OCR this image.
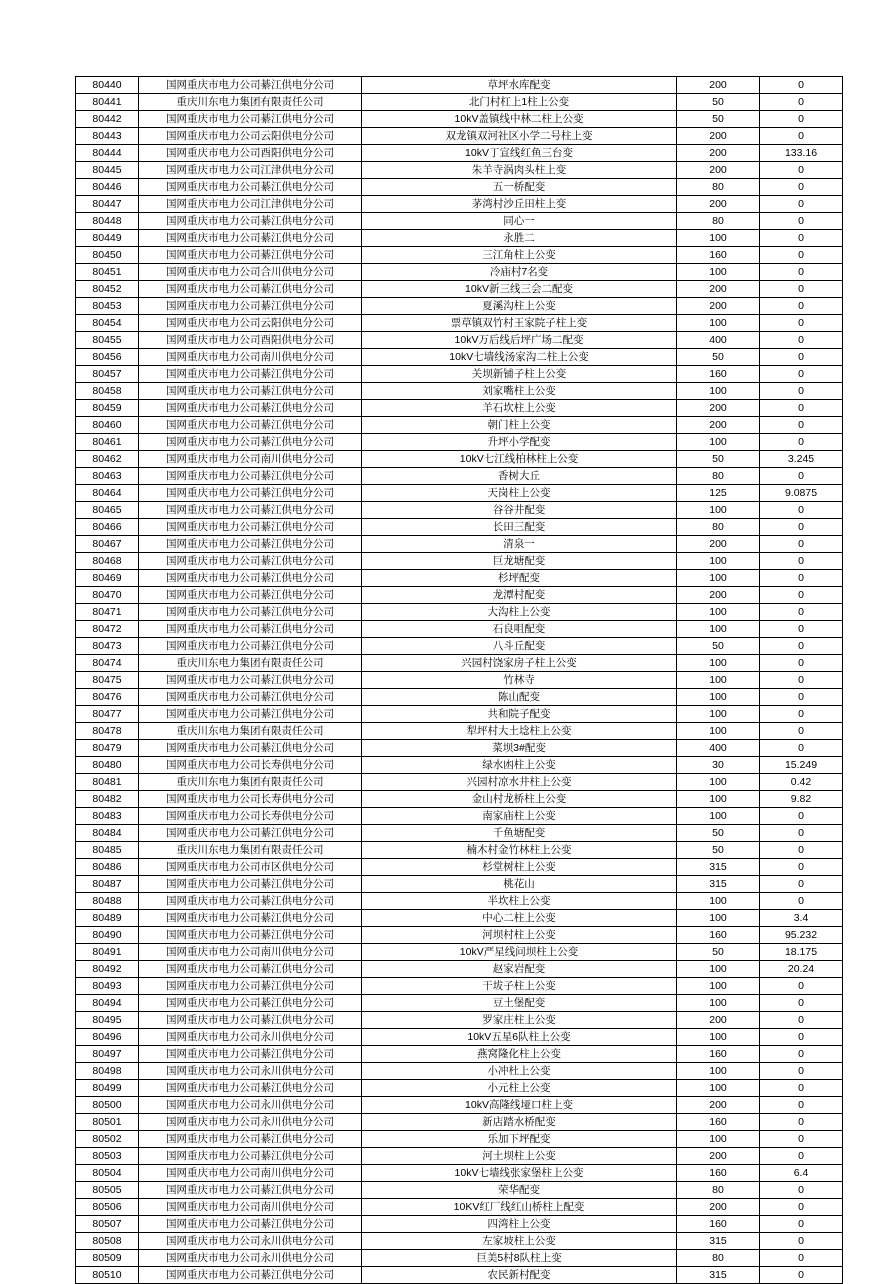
80440	国网重庆市电力公司綦江供电分公司	草坪水库配变	200	0
80441	重庆川东电力集团有限责任公司	北门村杠上1柱上公变	50	0
80442	国网重庆市电力公司綦江供电分公司	10kV盖镇线中林二柱上公变	50	0
80443	国网重庆市电力公司云阳供电分公司	双龙镇双河社区小学二号柱上变	200	0
80444	国网重庆市电力公司酉阳供电分公司	10kV丁宣线红鱼三台变	200	133.16
80445	国网重庆市电力公司江津供电分公司	朱羊寺涡肉头柱上变	200	0
80446	国网重庆市电力公司綦江供电分公司	五一桥配变	80	0
80447	国网重庆市电力公司江津供电分公司	茅湾村沙丘田柱上变	200	0
80448	国网重庆市电力公司綦江供电分公司	同心一	80	0
80449	国网重庆市电力公司綦江供电分公司	永胜二	100	0
80450	国网重庆市电力公司綦江供电分公司	三江角柱上公变	160	0
80451	国网重庆市电力公司合川供电分公司	冷庙村7名变	100	0
80452	国网重庆市电力公司綦江供电分公司	10kV新三线三会二配变	200	0
80453	国网重庆市电力公司綦江供电分公司	夏溪沟柱上公变	200	0
80454	国网重庆市电力公司云阳供电分公司	票草镇双竹村王家院子柱上变	100	0
80455	国网重庆市电力公司酉阳供电分公司	10kV万后线后坪广场二配变	400	0
80456	国网重庆市电力公司南川供电分公司	10kV七墙线汤家沟二柱上公变	50	0
80457	国网重庆市电力公司綦江供电分公司	关坝新铺子柱上公变	160	0
80458	国网重庆市电力公司綦江供电分公司	刘家嘴柱上公变	100	0
80459	国网重庆市电力公司綦江供电分公司	羊石坎柱上公变	200	0
80460	国网重庆市电力公司綦江供电分公司	朝门柱上公变	200	0
80461	国网重庆市电力公司綦江供电分公司	升坪小学配变	100	0
80462	国网重庆市电力公司南川供电分公司	10kV七江线柏林柱上公变	50	3.245
80463	国网重庆市电力公司綦江供电分公司	香树大丘	80	0
80464	国网重庆市电力公司綦江供电分公司	天岗柱上公变	125	9.0875
80465	国网重庆市电力公司綦江供电分公司	谷谷井配变	100	0
80466	国网重庆市电力公司綦江供电分公司	长田三配变	80	0
80467	国网重庆市电力公司綦江供电分公司	清泉一	200	0
80468	国网重庆市电力公司綦江供电分公司	巨龙塘配变	100	0
80469	国网重庆市电力公司綦江供电分公司	杉坪配变	100	0
80470	国网重庆市电力公司綦江供电分公司	龙潭村配变	200	0
80471	国网重庆市电力公司綦江供电分公司	大沟柱上公变	100	0
80472	国网重庆市电力公司綦江供电分公司	石良咀配变	100	0
80473	国网重庆市电力公司綦江供电分公司	八斗丘配变	50	0
80474	重庆川东电力集团有限责任公司	兴园村饶家房子柱上公变	100	0
80475	国网重庆市电力公司綦江供电分公司	竹林寺	100	0
80476	国网重庆市电力公司綦江供电分公司	陈山配变	100	0
80477	国网重庆市电力公司綦江供电分公司	共和院子配变	100	0
80478	重庆川东电力集团有限责任公司	犁坪村大土埝柱上公变	100	0
80479	国网重庆市电力公司綦江供电分公司	菜坝3#配变	400	0
80480	国网重庆市电力公司长寿供电分公司	绿水凼柱上公变	30	15.249
80481	重庆川东电力集团有限责任公司	兴园村凉水井柱上公变	100	0.42
80482	国网重庆市电力公司长寿供电分公司	金山村龙桥柱上公变	100	9.82
80483	国网重庆市电力公司长寿供电分公司	南家庙柱上公变	100	0
80484	国网重庆市电力公司綦江供电分公司	千鱼塘配变	50	0
80485	重庆川东电力集团有限责任公司	楠木村金竹林柱上公变	50	0
80486	国网重庆市电力公司市区供电分公司	杉堂树柱上公变	315	0
80487	国网重庆市电力公司綦江供电分公司	桃花山	315	0
80488	国网重庆市电力公司綦江供电分公司	半坎柱上公变	100	0
80489	国网重庆市电力公司綦江供电分公司	中心二柱上公变	100	3.4
80490	国网重庆市电力公司綦江供电分公司	河坝村柱上公变	160	95.232
80491	国网重庆市电力公司南川供电分公司	10kV严星线问坝柱上公变	50	18.175
80492	国网重庆市电力公司綦江供电分公司	赵家岩配变	100	20.24
80493	国网重庆市电力公司綦江供电分公司	干坺子柱上公变	100	0
80494	国网重庆市电力公司綦江供电分公司	豆土堡配变	100	0
80495	国网重庆市电力公司綦江供电分公司	罗家庄柱上公变	200	0
80496	国网重庆市电力公司永川供电分公司	10kV五星6队柱上公变	100	0
80497	国网重庆市电力公司綦江供电分公司	燕窝隆化柱上公变	160	0
80498	国网重庆市电力公司永川供电分公司	小冲杜上公变	100	0
80499	国网重庆市电力公司綦江供电分公司	小元柱上公变	100	0
80500	国网重庆市电力公司永川供电分公司	10kV高隆线垭口柱上变	200	0
80501	国网重庆市电力公司永川供电分公司	新店踏水桥配变	160	0
80502	国网重庆市电力公司綦江供电分公司	乐加下坪配变	100	0
80503	国网重庆市电力公司綦江供电分公司	河土坝柱上公变	200	0
80504	国网重庆市电力公司南川供电分公司	10kV七墙线张家堡柱上公变	160	6.4
80505	国网重庆市电力公司綦江供电分公司	荣华配变	80	0
80506	国网重庆市电力公司南川供电分公司	10KV红厂线红山桥柱上配变	200	0
80507	国网重庆市电力公司綦江供电分公司	四湾柱上公变	160	0
80508	国网重庆市电力公司永川供电分公司	左家坡柱上公变	315	0
80509	国网重庆市电力公司永川供电分公司	巨美5村8队柱上变	80	0
80510	国网重庆市电力公司綦江供电分公司	农民新村配变	315	0
